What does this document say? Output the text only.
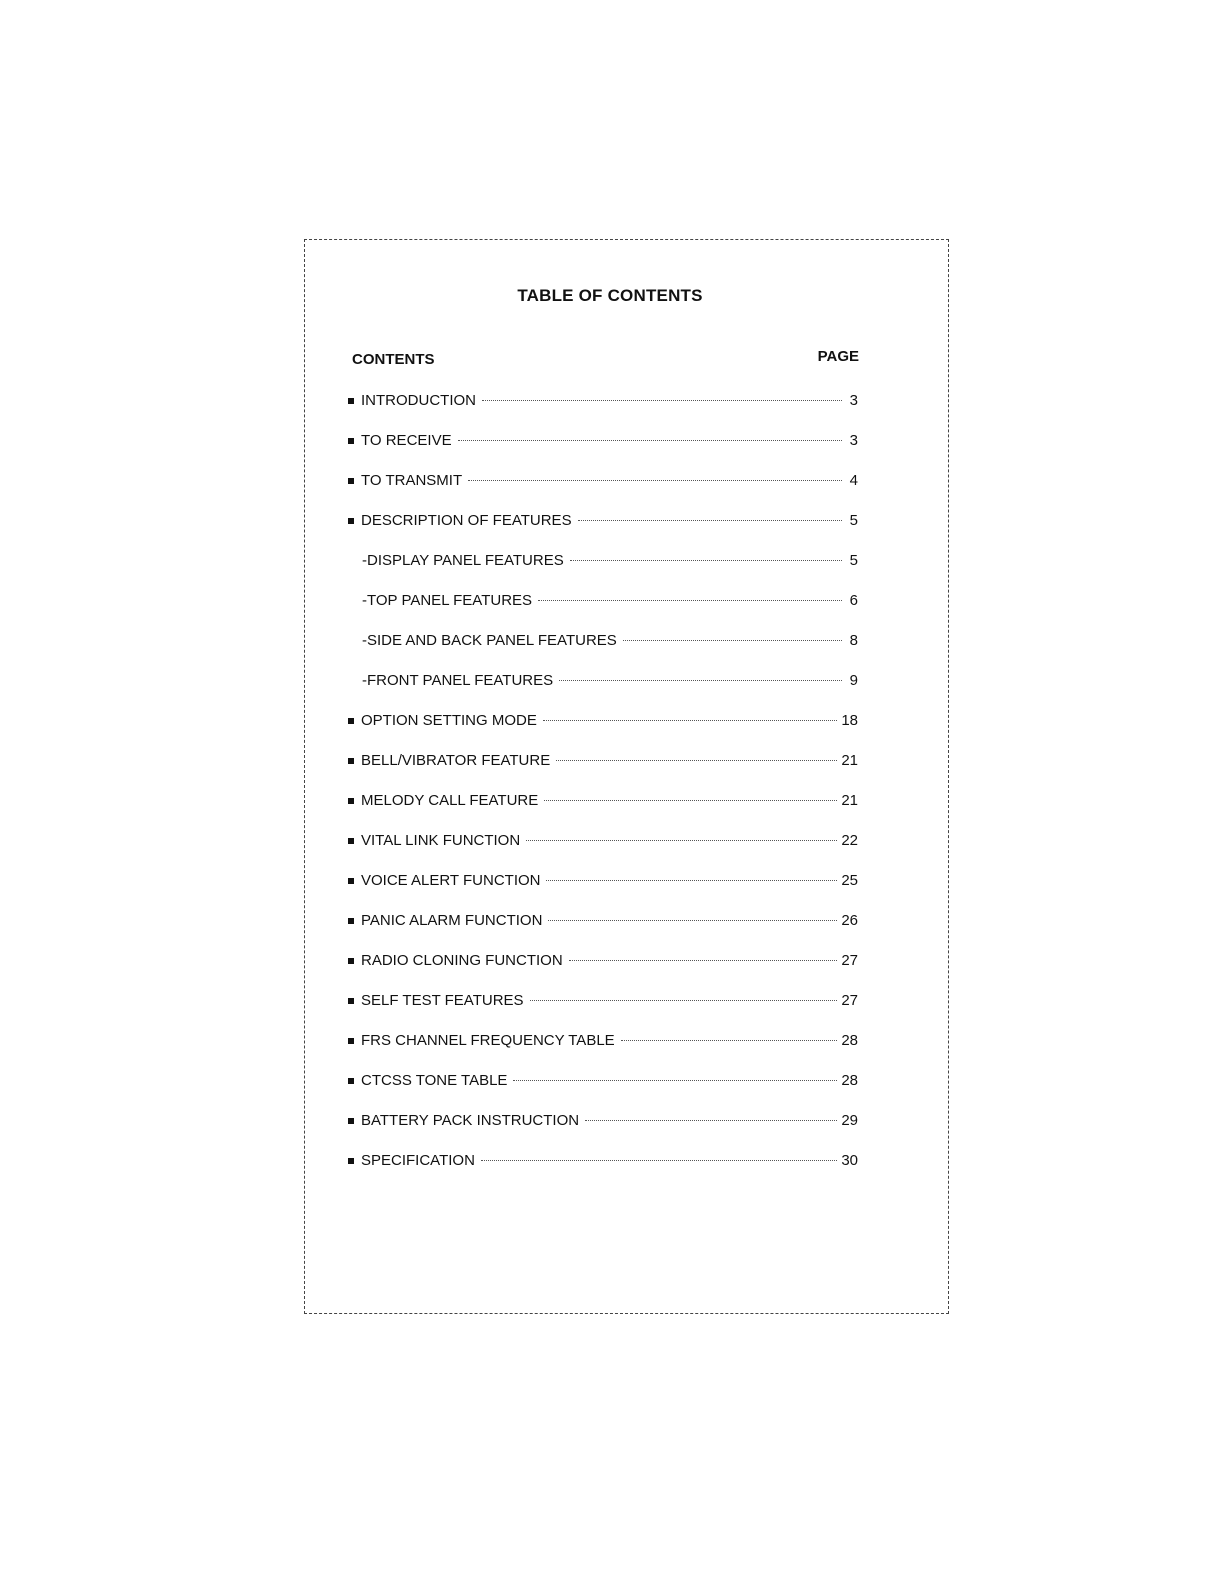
TABLE OF CONTENTS
CONTENTS	PAGE
INTRODUCTION	3
TO RECEIVE	3
TO TRANSMIT	4
DESCRIPTION OF FEATURES	5
-DISPLAY PANEL FEATURES	5
-TOP PANEL FEATURES	6
-SIDE AND BACK PANEL FEATURES	8
-FRONT PANEL FEATURES	9
OPTION SETTING MODE	18
BELL/VIBRATOR FEATURE	21
MELODY CALL FEATURE	21
VITAL LINK FUNCTION	22
VOICE ALERT FUNCTION	25
PANIC ALARM FUNCTION	26
RADIO CLONING FUNCTION	27
SELF TEST FEATURES	27
FRS CHANNEL FREQUENCY TABLE	28
CTCSS TONE TABLE	28
BATTERY PACK INSTRUCTION	29
SPECIFICATION	30
